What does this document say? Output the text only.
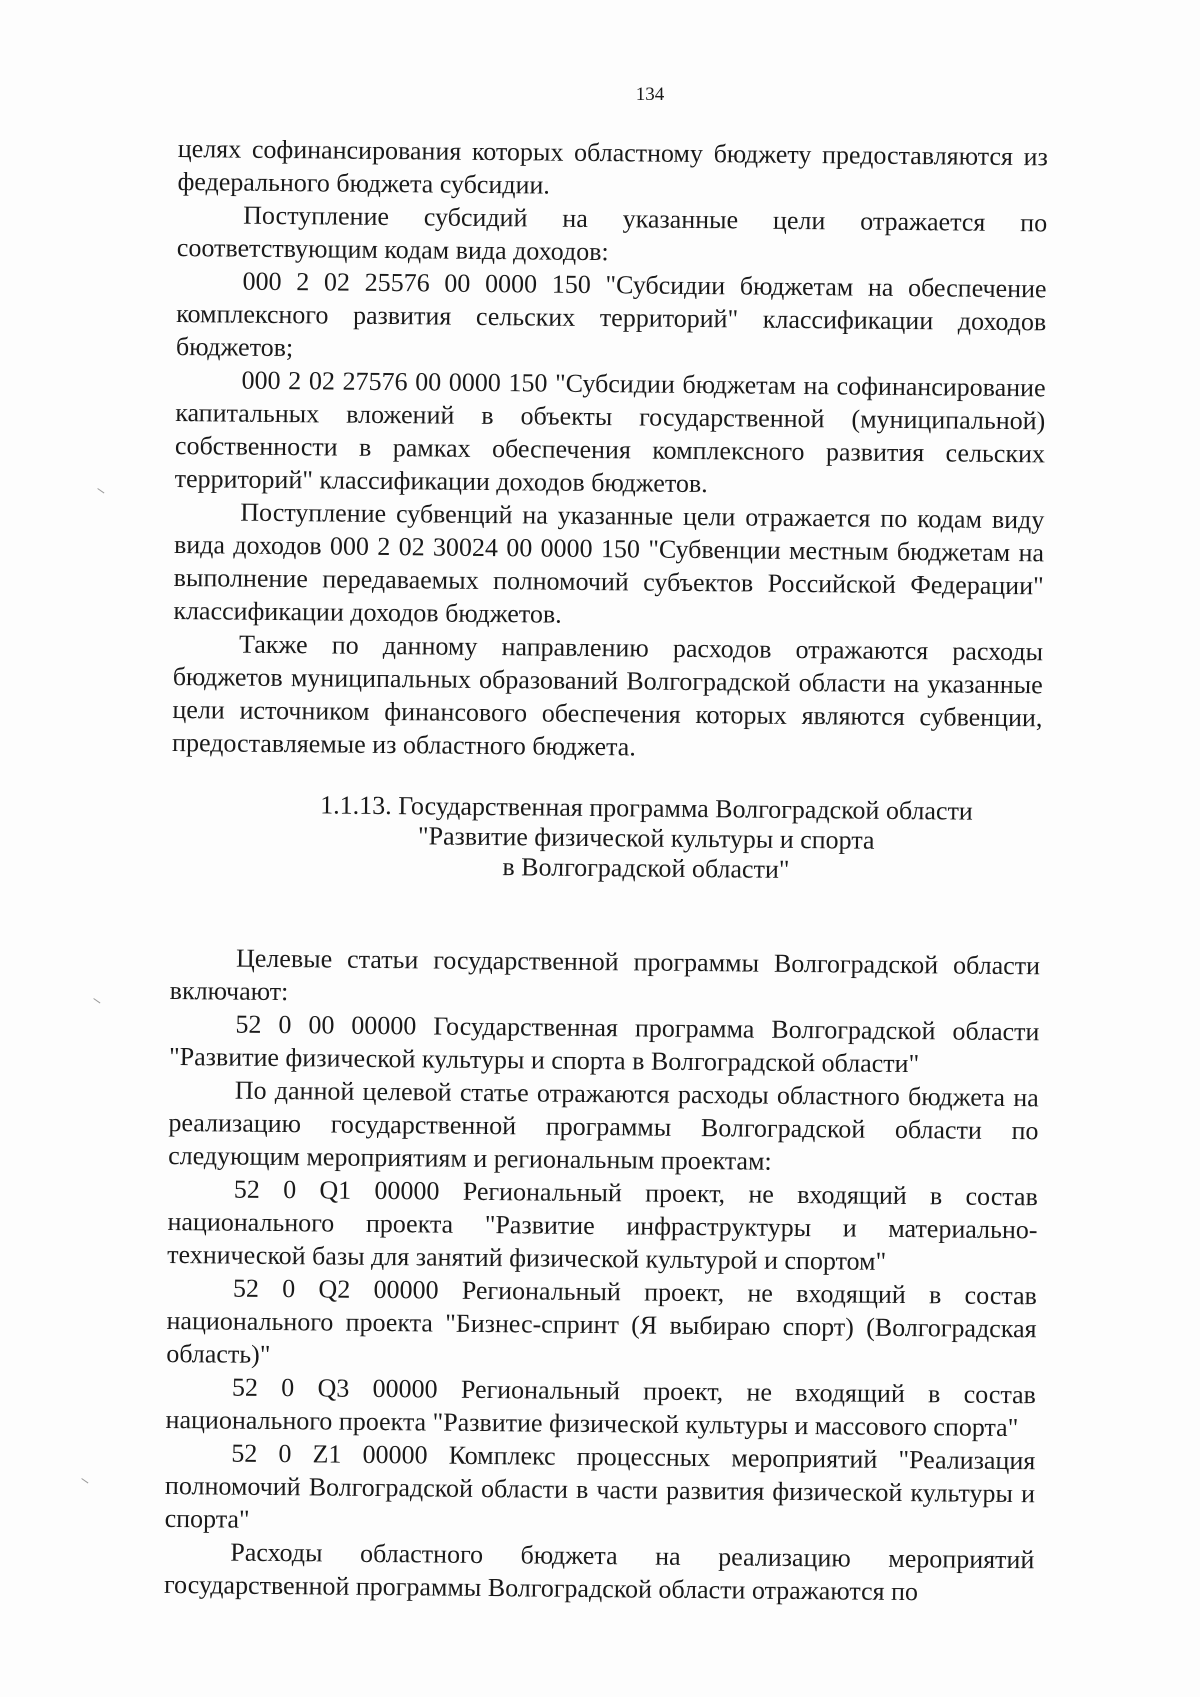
134

целях софинансирования которых областному бюджету предоставляются из федерального бюджета субсидии.

Поступление субсидий на указанные цели отражается по соответствующим кодам вида доходов:

000 2 02 25576 00 0000 150 "Субсидии бюджетам на обеспечение комплексного развития сельских территорий" классификации доходов бюджетов;

000 2 02 27576 00 0000 150 "Субсидии бюджетам на софинансирование капитальных вложений в объекты государственной (муниципальной) собственности в рамках обеспечения комплексного развития сельских территорий" классификации доходов бюджетов.

Поступление субвенций на указанные цели отражается по кодам виду вида доходов 000 2 02 30024 00 0000 150 "Субвенции местным бюджетам на выполнение передаваемых полномочий субъектов Российской Федерации" классификации доходов бюджетов.

Также по данному направлению расходов отражаются расходы бюджетов муниципальных образований Волгоградской области на указанные цели источником финансового обеспечения которых являются субвенции, предоставляемые из областного бюджета.

1.1.13. Государственная программа Волгоградской области
"Развитие физической культуры и спорта
в Волгоградской области"

Целевые статьи государственной программы Волгоградской области включают:

52 0 00 00000 Государственная программа Волгоградской области "Развитие физической культуры и спорта в Волгоградской области"

По данной целевой статье отражаются расходы областного бюджета на реализацию государственной программы Волгоградской области по следующим мероприятиям и региональным проектам:

52 0 Q1 00000 Региональный проект, не входящий в состав национального проекта "Развитие инфраструктуры и материально-технической базы для занятий физической культурой и спортом"

52 0 Q2 00000 Региональный проект, не входящий в состав национального проекта "Бизнес-спринт (Я выбираю спорт) (Волгоградская область)"

52 0 Q3 00000 Региональный проект, не входящий в состав национального проекта "Развитие физической культуры и массового спорта"

52 0 Z1 00000 Комплекс процессных мероприятий "Реализация полномочий Волгоградской области в части развития физической культуры и спорта"

Расходы областного бюджета на реализацию мероприятий государственной программы Волгоградской области отражаются по
